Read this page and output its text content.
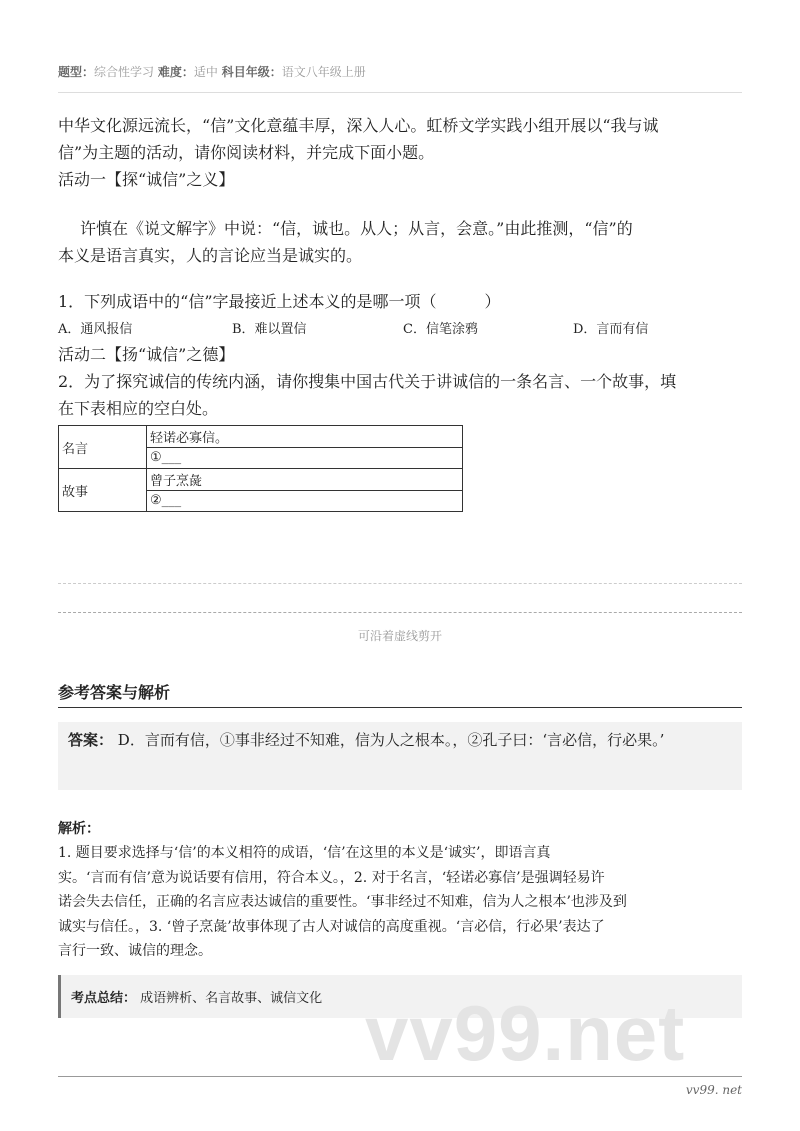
题型：综合性学习 难度：适中 科目年级：语文八年级上册
中华文化源远流长，“信”文化意蕴丰厚，深入人心。虹桥文学实践小组开展以“我与诚
信”为主题的活动，请你阅读材料，并完成下面小题。
活动一【探“诚信”之义】
许慎在《说文解字》中说：“信，诚也。从人；从言，会意。”由此推测，“信”的
本义是语言真实，人的言论应当是诚实的。
1．下列成语中的“信”字最接近上述本义的是哪一项（　　　）
A．通风报信	B．难以置信	C．信笔涂鸦	D．言而有信
活动二【扬“诚信”之德】
2．为了探究诚信的传统内涵，请你搜集中国古代关于讲诚信的一条名言、一个故事，填
在下表相应的空白处。
名言	轻诺必寡信。
	①___
故事	曾子烹彘
	②___
可沿着虚线剪开
参考答案与解析
答案： D．言而有信，①事非经过不知难，信为人之根本。，②孔子曰：‘言必信，行必果。’
解析：
1. 题目要求选择与‘信’的本义相符的成语，‘信’在这里的本义是‘诚实’，即语言真
实。‘言而有信’意为说话要有信用，符合本义。，2. 对于名言，‘轻诺必寡信’是强调轻易许
诺会失去信任，正确的名言应表达诚信的重要性。‘事非经过不知难，信为人之根本’也涉及到
诚实与信任。，3. ‘曾子烹彘’故事体现了古人对诚信的高度重视。‘言必信，行必果’表达了
言行一致、诚信的理念。
考点总结： 成语辨析、名言故事、诚信文化 vv99.net
vv99. net
